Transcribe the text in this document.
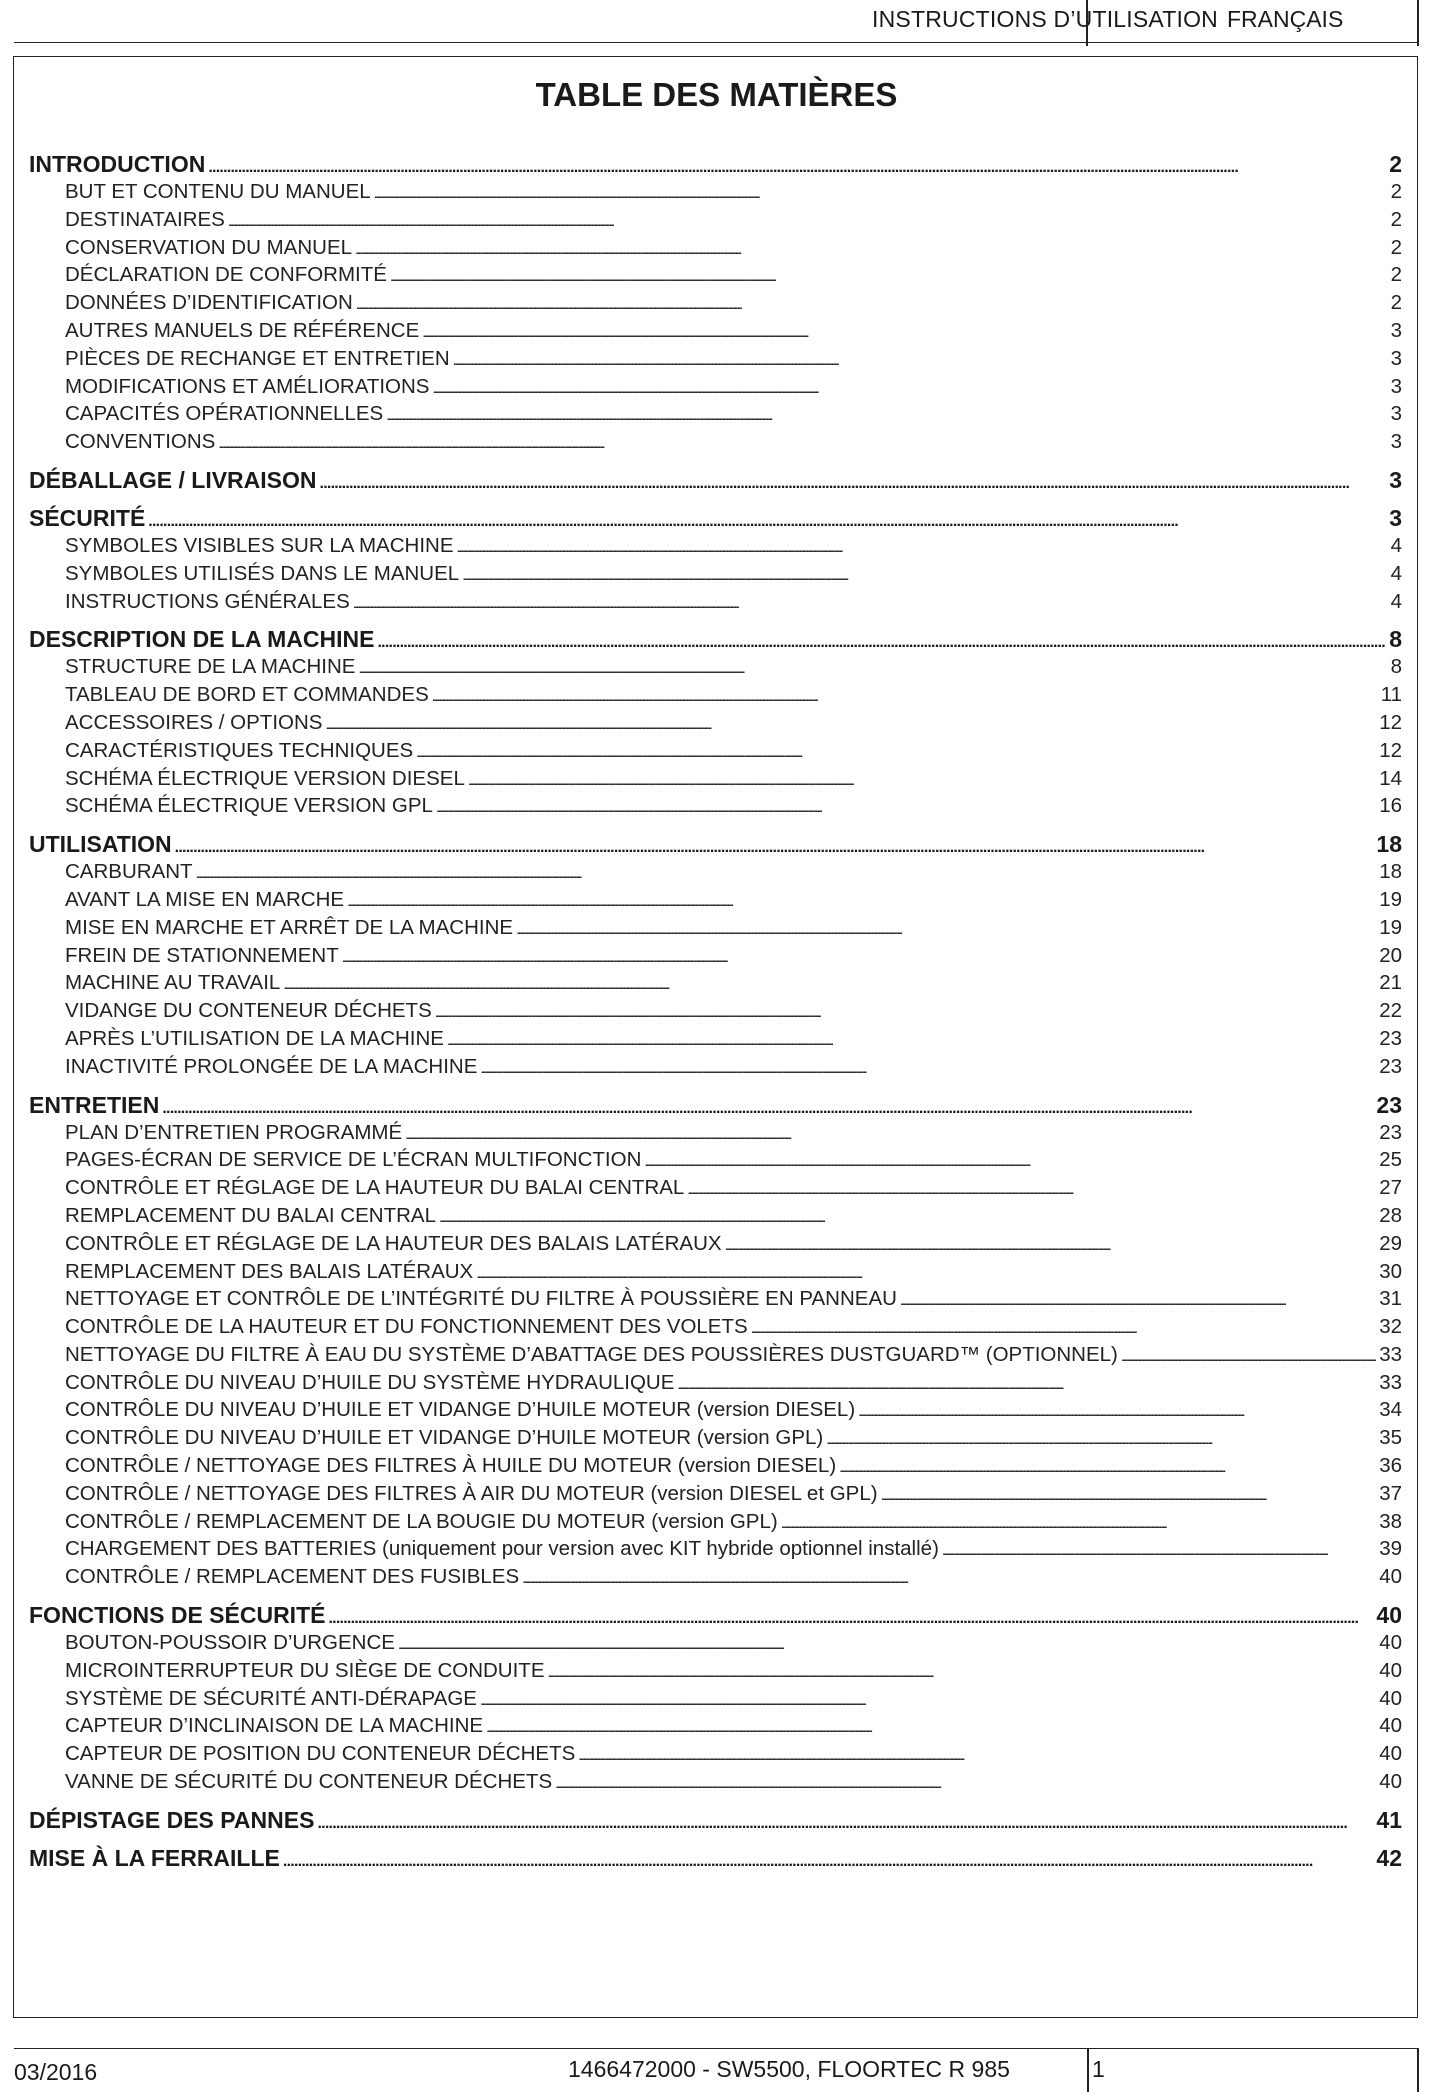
INSTRUCTIONS D’UTILISATION FRANÇAIS
TABLE DES MATIÈRES
INTRODUCTION . . .	2
BUT ET CONTENU DU MANUEL . . .	2
DESTINATAIRES . . .	2
CONSERVATION DU MANUEL . . .	2
DÉCLARATION DE CONFORMITÉ . . .	2
DONNÉES D’IDENTIFICATION . . .	2
AUTRES MANUELS DE RÉFÉRENCE . . .	3
PIÈCES DE RECHANGE ET ENTRETIEN . . .	3
MODIFICATIONS ET AMÉLIORATIONS . . .	3
CAPACITÉS OPÉRATIONNELLES . . .	3
CONVENTIONS . . .	3
DÉBALLAGE / LIVRAISON . . .	3
SÉCURITÉ . . .	3
SYMBOLES VISIBLES SUR LA MACHINE . . .	4
SYMBOLES UTILISÉS DANS LE MANUEL . . .	4
INSTRUCTIONS GÉNÉRALES . . .	4
DESCRIPTION DE LA MACHINE . . .	8
STRUCTURE DE LA MACHINE . . .	8
TABLEAU DE BORD ET COMMANDES . . .	11
ACCESSOIRES / OPTIONS . . .	12
CARACTÉRISTIQUES TECHNIQUES . . .	12
SCHÉMA ÉLECTRIQUE VERSION DIESEL . . .	14
SCHÉMA ÉLECTRIQUE VERSION GPL . . .	16
UTILISATION . . .	18
CARBURANT . . .	18
AVANT LA MISE EN MARCHE . . .	19
MISE EN MARCHE ET ARRÊT DE LA MACHINE . . .	19
FREIN DE STATIONNEMENT . . .	20
MACHINE AU TRAVAIL . . .	21
VIDANGE DU CONTENEUR DÉCHETS . . .	22
APRÈS L’UTILISATION DE LA MACHINE . . .	23
INACTIVITÉ PROLONGÉE DE LA MACHINE . . .	23
ENTRETIEN . . .	23
PLAN D’ENTRETIEN PROGRAMMÉ . . .	23
PAGES-ÉCRAN DE SERVICE DE L’ÉCRAN MULTIFONCTION . . .	25
CONTRÔLE ET RÉGLAGE DE LA HAUTEUR DU BALAI CENTRAL . . .	27
REMPLACEMENT DU BALAI CENTRAL . . .	28
CONTRÔLE ET RÉGLAGE DE LA HAUTEUR DES BALAIS LATÉRAUX . . .	29
REMPLACEMENT DES BALAIS LATÉRAUX . . .	30
NETTOYAGE ET CONTRÔLE DE L’INTÉGRITÉ DU FILTRE À POUSSIÈRE EN PANNEAU . . .	31
CONTRÔLE DE LA HAUTEUR ET DU FONCTIONNEMENT DES VOLETS . . .	32
NETTOYAGE DU FILTRE À EAU DU SYSTÈME D’ABATTAGE DES POUSSIÈRES DUSTGUARD™ (OPTIONNEL) . . .	33
CONTRÔLE DU NIVEAU D’HUILE DU SYSTÈME HYDRAULIQUE . . .	33
CONTRÔLE DU NIVEAU D’HUILE ET VIDANGE D’HUILE MOTEUR (version DIESEL) . . .	34
CONTRÔLE DU NIVEAU D’HUILE ET VIDANGE D’HUILE MOTEUR (version GPL) . . .	35
CONTRÔLE / NETTOYAGE DES FILTRES À HUILE DU MOTEUR (version DIESEL) . . .	36
CONTRÔLE / NETTOYAGE DES FILTRES À AIR DU MOTEUR (version DIESEL et GPL) . . .	37
CONTRÔLE / REMPLACEMENT DE LA BOUGIE DU MOTEUR (version GPL) . . .	38
CHARGEMENT DES BATTERIES (uniquement pour version avec KIT hybride optionnel installé) . . .	39
CONTRÔLE / REMPLACEMENT DES FUSIBLES . . .	40
FONCTIONS DE SÉCURITÉ . . .	40
BOUTON-POUSSOIR D’URGENCE . . .	40
MICROINTERRUPTEUR DU SIÈGE DE CONDUITE . . .	40
SYSTÈME DE SÉCURITÉ ANTI-DÉRAPAGE . . .	40
CAPTEUR D’INCLINAISON DE LA MACHINE . . .	40
CAPTEUR DE POSITION DU CONTENEUR DÉCHETS . . .	40
VANNE DE SÉCURITÉ DU CONTENEUR DÉCHETS . . .	40
DÉPISTAGE DES PANNES . . .	41
MISE À LA FERRAILLE . . .	42
03/2016	1466472000 - SW5500, FLOORTEC R 985	1
